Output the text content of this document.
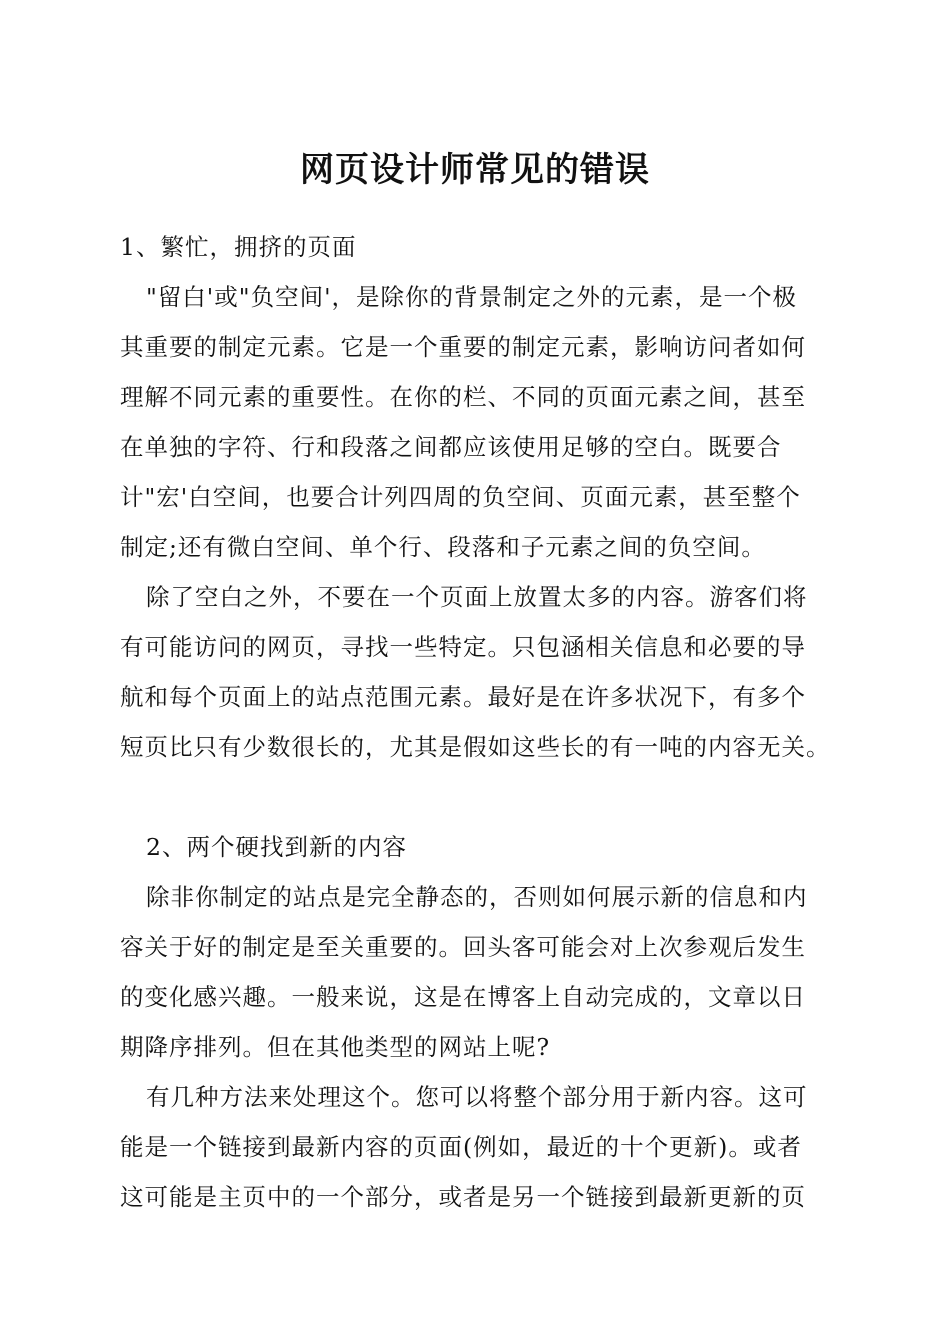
网页设计师常见的错误
1、繁忙，拥挤的页面
"留白'或"负空间'，是除你的背景制定之外的元素，是一个极
其重要的制定元素。它是一个重要的制定元素，影响访问者如何
理解不同元素的重要性。在你的栏、不同的页面元素之间，甚至
在单独的字符、行和段落之间都应该使用足够的空白。既要合
计"宏'白空间，也要合计列四周的负空间、页面元素，甚至整个
制定;还有微白空间、单个行、段落和子元素之间的负空间。
除了空白之外，不要在一个页面上放置太多的内容。游客们将
有可能访问的网页，寻找一些特定。只包涵相关信息和必要的导
航和每个页面上的站点范围元素。最好是在许多状况下，有多个
短页比只有少数很长的，尤其是假如这些长的有一吨的内容无关。
2、两个硬找到新的内容
除非你制定的站点是完全静态的，否则如何展示新的信息和内
容关于好的制定是至关重要的。回头客可能会对上次参观后发生
的变化感兴趣。一般来说，这是在博客上自动完成的，文章以日
期降序排列。但在其他类型的网站上呢?
有几种方法来处理这个。您可以将整个部分用于新内容。这可
能是一个链接到最新内容的页面(例如，最近的十个更新)。或者
这可能是主页中的一个部分，或者是另一个链接到最新更新的页
